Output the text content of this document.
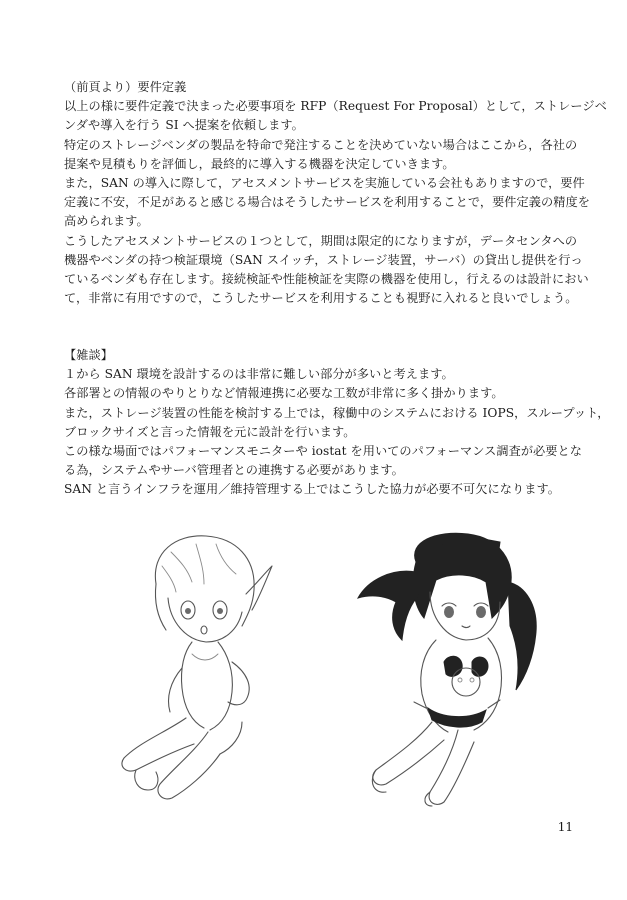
（前頁より）要件定義
以上の様に要件定義で決まった必要事項を RFP（Request For Proposal）として，ストレージベ
ンダや導入を行う SI へ提案を依頼します。
特定のストレージベンダの製品を特命で発注することを決めていない場合はここから，各社の
提案や見積もりを評価し，最終的に導入する機器を決定していきます。
また，SAN の導入に際して，アセスメントサービスを実施している会社もありますので，要件
定義に不安，不足があると感じる場合はそうしたサービスを利用することで，要件定義の精度を
高められます。
こうしたアセスメントサービスの１つとして，期間は限定的になりますが，データセンタへの
機器やベンダの持つ検証環境（SAN スイッチ，ストレージ装置，サーバ）の貸出し提供を行っ
ているベンダも存在します。接続検証や性能検証を実際の機器を使用し，行えるのは設計におい
て，非常に有用ですので，こうしたサービスを利用することも視野に入れると良いでしょう。
【雑談】
１から SAN 環境を設計するのは非常に難しい部分が多いと考えます。
各部署との情報のやりとりなど情報連携に必要な工数が非常に多く掛かります。
また，ストレージ装置の性能を検討する上では，稼働中のシステムにおける IOPS，スループット，
ブロックサイズと言った情報を元に設計を行います。
この様な場面ではパフォーマンスモニターや iostat を用いてのパフォーマンス調査が必要とな
る為，システムやサーバ管理者との連携する必要があります。
SAN と言うインフラを運用／維持管理する上ではこうした協力が必要不可欠になります。
11
